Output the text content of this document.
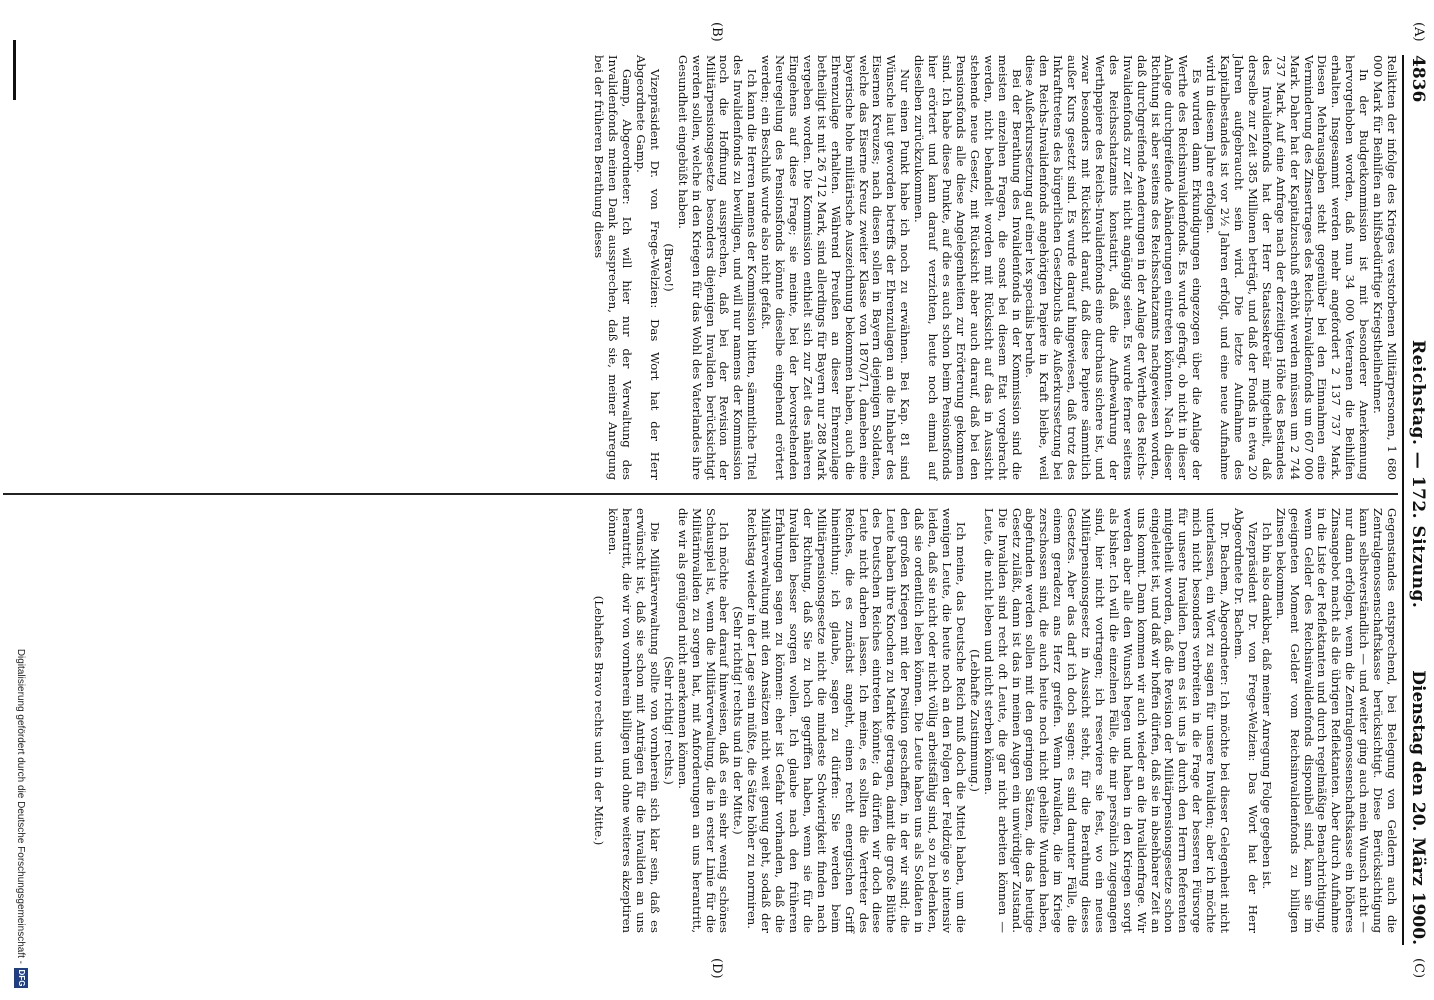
4836
Reichstag. — 172. Sitzung.
Dienstag den 20. März 1900.
(A)
(B)
(C)
(D)

Reliktten der infolge des Krieges verstorbenen Militärpersonen, 1 680 000 Mark für Beihilfen an hilfsbedürftige Kriegstheilnehmer.

In der Budgetkommission ist mit besonderer Anerkennung hervorgehoben worden, daß nun 34 000 Veteranen die Beihilfen erhalten. Insgesammt werden mehr angefordert 2 137 737 Mark. Diesen Mehrausgaben steht gegenüber bei den Einnahmen eine Verminderung des Zinsertrages des Reichs-Invalidenfonds um 607 000 Mark. Daher hat der Kapitalzuschuß erhöht werden müssen um 2 744 737 Mark. Auf eine Anfrage nach der derzeitigen Höhe des Bestandes des Invalidenfonds hat der Herr Staatssekretär mitgetheilt, daß derselbe zur Zeit 385 Millionen beträgt, und daß der Fonds in etwa 20 Jahren aufgebraucht sein wird. Die letzte Aufnahme des Kapitalbestandes ist vor 2½ Jahren erfolgt, und eine neue Aufnahme wird in diesem Jahre erfolgen.

Es wurden dann Erkundigungen eingezogen über die Anlage der Werthe des Reichsinvalidenfonds. Es wurde gefragt, ob nicht in dieser Anlage durchgreifende Abänderungen eintreten könnten. Nach dieser Richtung ist aber seitens des Reichsschatzamts nachgewiesen worden, daß durchgreifende Aenderungen in der Anlage der Werthe des Reichs-Invalidenfonds zur Zeit nicht angängig seien. Es wurde ferner seitens des Reichsschatzamts konstatirt, daß die Aufbewahrung der Werthpapiere des Reichs-Invalidenfonds eine durchaus sichere ist, und zwar besonders mit Rücksicht darauf, daß diese Papiere sämmtlich außer Kurs gesetzt sind. Es wurde darauf hingewiesen, daß trotz des Inkrafttretens des bürgerlichen Gesetzbuchs die Außerkurssetzung bei den Reichs-Invalidenfonds angehörigen Papiere in Kraft bleibe, weil diese Außerkurssetzung auf einer lex specialis beruhe.

Bei der Berathung des Invalidenfonds in der Kommission sind die meisten einzelnen Fragen, die sonst bei diesem Etat vorgebracht werden, nicht behandelt worden mit Rücksicht auf das in Aussicht stehende neue Gesetz, mit Rücksicht aber auch darauf, daß bei den Pensionsfonds alle diese Angelegenheiten zur Erörterung gekommen sind. Ich habe diese Punkte, auf die es auch schon beim Pensionsfonds hier erörtert und kann darauf verzichten, heute noch einmal auf dieselben zurückzukommen.

Nur einen Punkt habe ich noch zu erwähnen. Bei Kap. 81 sind Wünsche laut geworden betreffs der Ehrenzulagen an die Inhaber des Eisernen Kreuzes; nach diesen sollen in Bayern diejenigen Soldaten, welche das Eiserne Kreuz zweiter Klasse von 1870/71, daneben eine bayerische hohe militärische Auszeichnung bekommen haben, auch die Ehrenzulage erhalten. Während Preußen an dieser Ehrenzulage betheiligt ist mit 26 712 Mark, sind allerdings für Bayern nur 288 Mark vergeben worden. Die Kommission enthielt sich zur Zeit des näheren Eingehens auf diese Frage; sie meinte, bei der bevorstehenden Neuregelung des Pensionsfonds könnte dieselbe eingehend erörtert werden; ein Beschluß wurde also nicht gefaßt.

Ich kann die Herren namens der Kommission bitten, sämmtliche Titel des Invalidenfonds zu bewilligen, und will nur namens der Kommission noch die Hoffnung aussprechen, daß bei der Revision der Militärpensionsgesetze besonders diejenigen Invaliden berücksichtigt werden sollen, welche in den Kriegen für das Wohl des Vaterlandes ihre Gesundheit eingebüßt haben.

(Bravo!)

Vizepräsident Dr. von Frege-Welzien: Das Wort hat der Herr Abgeordnete Gamp.

Gamp, Abgeordneter: Ich will hier nur der Verwaltung des Invalidenfonds meinen Dank aussprechen, daß sie, meiner Anregung bei der früheren Berathung dieses

Gegenstandes entsprechend, bei Belegung von Geldern auch die Zentralgenossenschaftskasse berücksichtigt. Diese Berücksichtigung kann selbstverständlich — und weiter ging auch mein Wunsch nicht — nur dann erfolgen, wenn die Zentralgenossenschaftskasse ein höheres Zinsangebot macht als die übrigen Reflektanten. Aber durch Aufnahme in die Liste der Reflektanten und durch regelmäßige Benachrichtigung, wenn Gelder des Reichsinvalidenfonds disponibel sind, kann sie im geeigneten Moment Gelder vom Reichsinvalidenfonds zu billigen Zinsen bekommen.

Ich bin also dankbar, daß meiner Anregung Folge gegeben ist.

Vizepräsident Dr. von Frege-Welzien: Das Wort hat der Herr Abgeordnete Dr. Bachem.

Dr. Bachem, Abgeordneter: Ich möchte bei dieser Gelegenheit nicht unterlassen, ein Wort zu sagen für unsere Invaliden; aber ich möchte mich nicht besonders verbreiten in die Frage der besseren Fürsorge für unsere Invaliden. Denn es ist uns ja durch den Herrn Referenten mitgetheilt worden, daß die Revision der Militärpensionsgesetze schon eingeleitet ist, und daß wir hoffen dürfen, daß sie in absehbarer Zeit an uns kommt. Dann kommen wir auch wieder an die Invalidenfrage. Wir werden aber alle den Wunsch hegen und haben in den Kriegen sorgt als bisher. Ich will die einzelnen Fälle, die mir persönlich zugegangen sind, hier nicht vortragen; ich reserviere sie fest, wo ein neues Militärpensionsgesetz in Aussicht steht, für die Berathung dieses Gesetzes. Aber das darf ich doch sagen: es sind darunter Fälle, die einem geradezu ans Herz greifen. Wenn Invaliden, die im Kriege zerschossen sind, die auch heute noch nicht geheilte Wunden haben, abgefunden werden sollen mit den geringen Sätzen, die das heutige Gesetz zuläßt, dann ist das in meinen Augen ein unwürdiger Zustand. Die Invaliden sind recht oft Leute, die gar nicht arbeiten können — Leute, die nicht leben und nicht sterben können.

(Lebhafte Zustimmung.)

Ich meine, das Deutsche Reich muß doch die Mittel haben, um die wenigen Leute, die heute noch an den Folgen der Feldzüge so intensiv leiden, daß sie nicht oder nicht völlig arbeitsfähig sind, so zu bedenken, daß sie ordentlich leben können. Die Leute haben uns als Soldaten in den großen Kriegen mit der Position geschaffen, in der wir sind; die Leute haben ihre Knochen zu Markte getragen, damit die große Blüthe des Deutschen Reiches eintreten könnte; da dürfen wir doch diese Leute nicht darben lassen. Ich meine, es sollten die Vertreter des Reiches, die es zunächst angeht, einen recht energischen Griff hineinthun; ich glaube, sagen zu dürfen: Sie werden beim Militärpensionsgesetze nicht die mindeste Schwierigkeit finden nach der Richtung, daß Sie zu hoch gegriffen haben, wenn sie für die Invaliden besser sorgen wollen. Ich glaube nach den früheren Erfahrungen sagen zu können: eher ist Gefahr vorhanden, daß die Militärverwaltung mit den Ansätzen nicht weit genug geht, sodaß der Reichstag wieder in der Lage sein müßte, die Sätze höher zu normiren.

(Sehr richtig! rechts und in der Mitte.)

Ich möchte aber darauf hinweisen, daß es ein sehr wenig schönes Schauspiel ist, wenn die Militärverwaltung, die in erster Linie für die Militärinvaliden zu sorgen hat, mit Anforderungen an uns herantritt, die wir als genügend nicht anerkennen können.

(Sehr richtig! rechts.)

Die Militärverwaltung sollte von vornherein sich klar sein, daß es erwünscht ist, daß sie schon mit Anträgen für die Invaliden an uns herantritt, die wir von vornherein billigen und ohne weiteres akzeptiren können.

(Lebhaftes Bravo rechts und in der Mitte.)

Digitalisierung gefördert durch die Deutsche Forschungsgemeinschaft -
DFG
